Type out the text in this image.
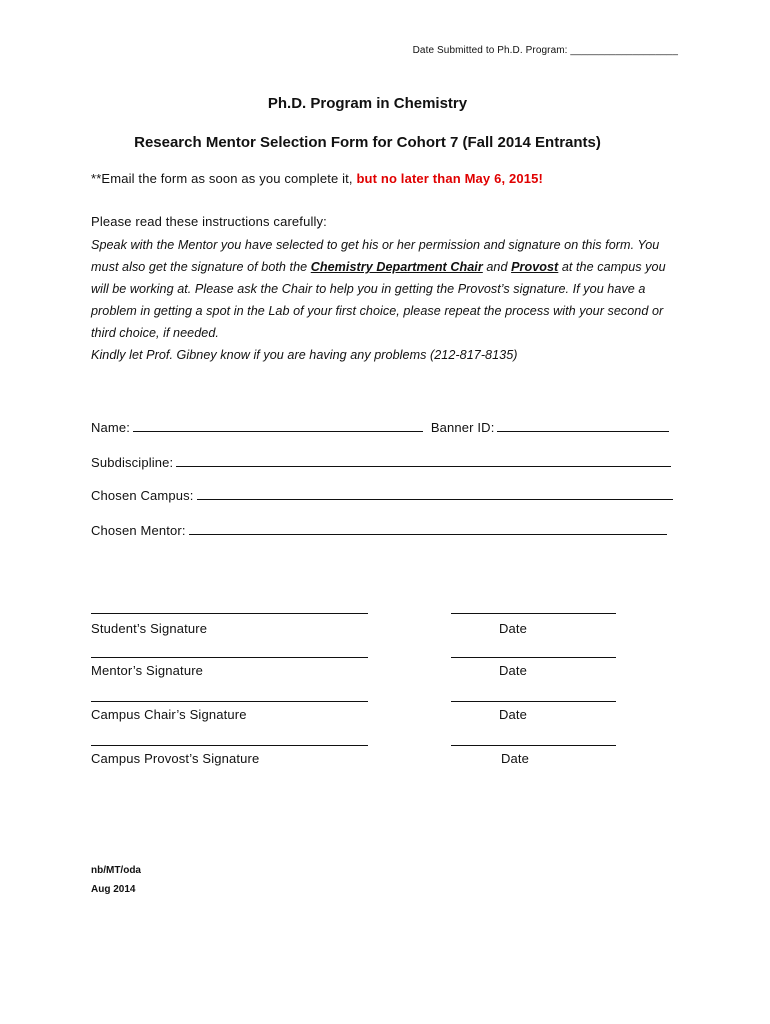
Date Submitted to Ph.D. Program: ___________________
Ph.D. Program in Chemistry
Research Mentor Selection Form for Cohort 7 (Fall 2014 Entrants)
**Email the form as soon as you complete it, but no later than May 6, 2015!
Please read these instructions carefully:
Speak with the Mentor you have selected to get his or her permission and signature on this form. You must also get the signature of both the Chemistry Department Chair and Provost at the campus you will be working at. Please ask the Chair to help you in getting the Provost’s signature. If you have a problem in getting a spot in the Lab of your first choice, please repeat the process with your second or third choice, if needed.
Kindly let Prof. Gibney know if you are having any problems (212-817-8135)
Name:	Banner ID:
Subdiscipline:
Chosen Campus:
Chosen Mentor:
Student’s Signature	Date
Mentor’s Signature	Date
Campus Chair’s Signature	Date
Campus Provost’s Signature	Date
nb/MT/oda
Aug 2014
